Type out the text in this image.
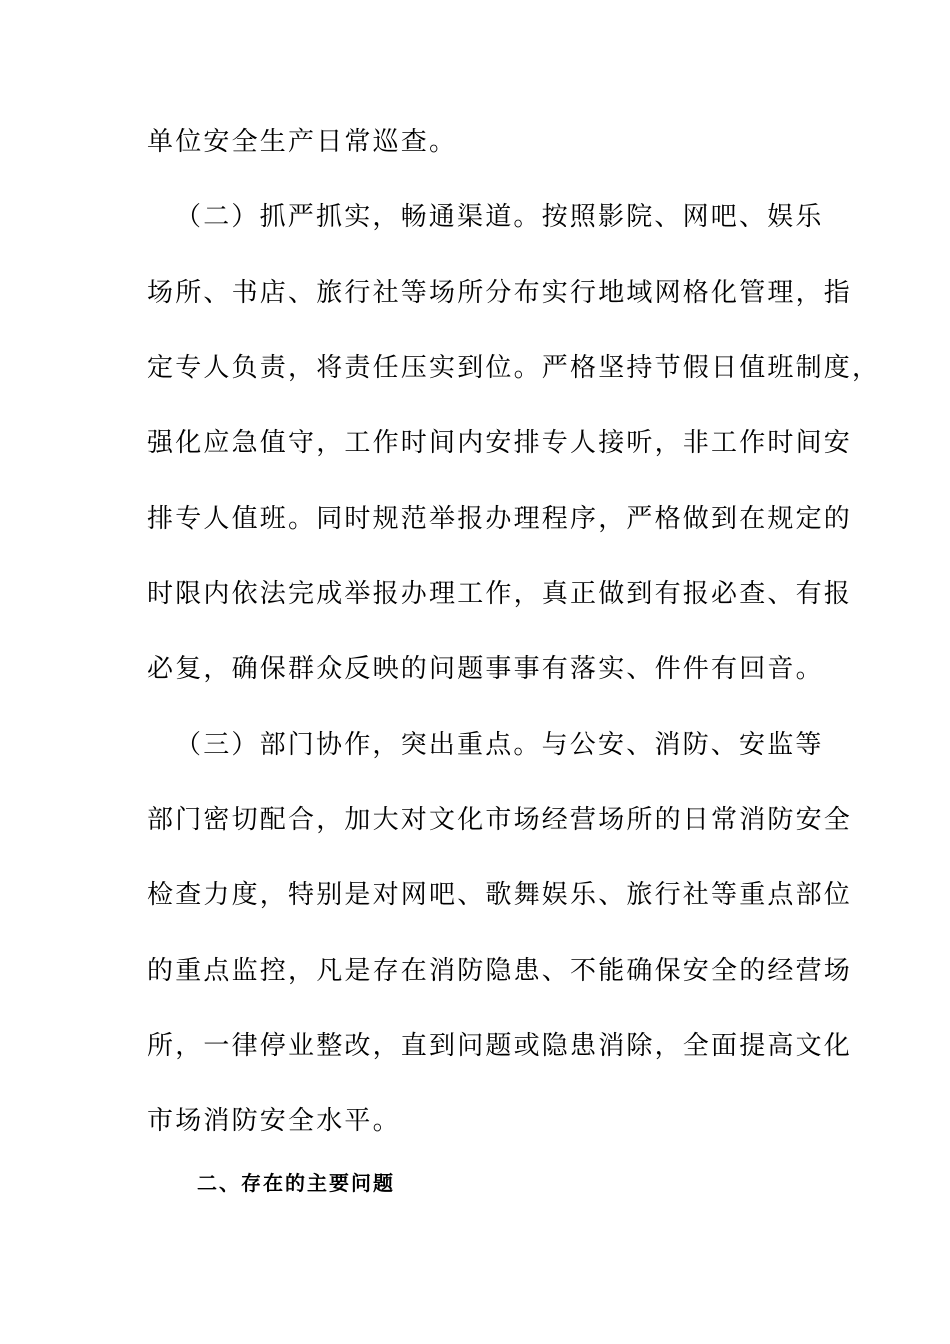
单位安全生产日常巡查。

（二）抓严抓实，畅通渠道。按照影院、网吧、娱乐

场所、书店、旅行社等场所分布实行地域网格化管理，指

定专人负责，将责任压实到位。严格坚持节假日值班制度，

强化应急值守，工作时间内安排专人接听，非工作时间安

排专人值班。同时规范举报办理程序，严格做到在规定的

时限内依法完成举报办理工作，真正做到有报必查、有报

必复，确保群众反映的问题事事有落实、件件有回音。

（三）部门协作，突出重点。与公安、消防、安监等

部门密切配合，加大对文化市场经营场所的日常消防安全

检查力度，特别是对网吧、歌舞娱乐、旅行社等重点部位

的重点监控，凡是存在消防隐患、不能确保安全的经营场

所，一律停业整改，直到问题或隐患消除，全面提高文化

市场消防安全水平。

二、存在的主要问题
